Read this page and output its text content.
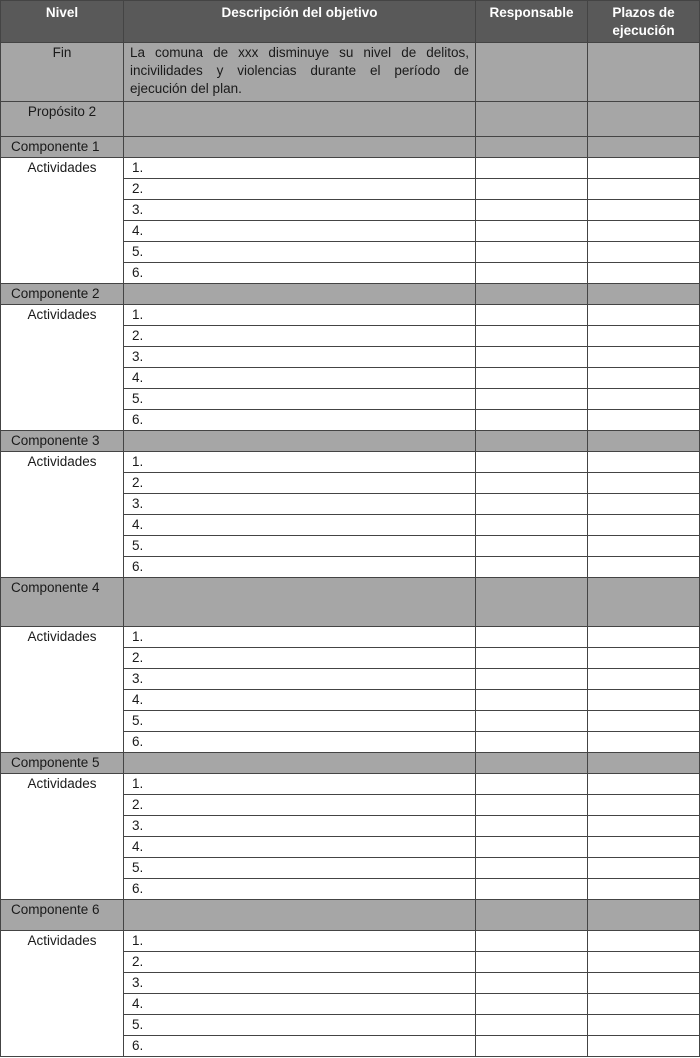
Nivel	Descripción del objetivo	Responsable	Plazos de ejecución
Fin	La comuna de xxx disminuye su nivel de delitos, incivilidades y violencias durante el período de ejecución del plan.		
Propósito 2			
Componente 1			
Actividades	1.		
	2.		
	3.		
	4.		
	5.		
	6.		
Componente 2			
Actividades	1.		
	2.		
	3.		
	4.		
	5.		
	6.		
Componente 3			
Actividades	1.		
	2.		
	3.		
	4.		
	5.		
	6.		
Componente 4			
Actividades	1.		
	2.		
	3.		
	4.		
	5.		
	6.		
Componente 5			
Actividades	1.		
	2.		
	3.		
	4.		
	5.		
	6.		
Componente 6			
Actividades	1.		
	2.		
	3.		
	4.		
	5.		
	6.		
